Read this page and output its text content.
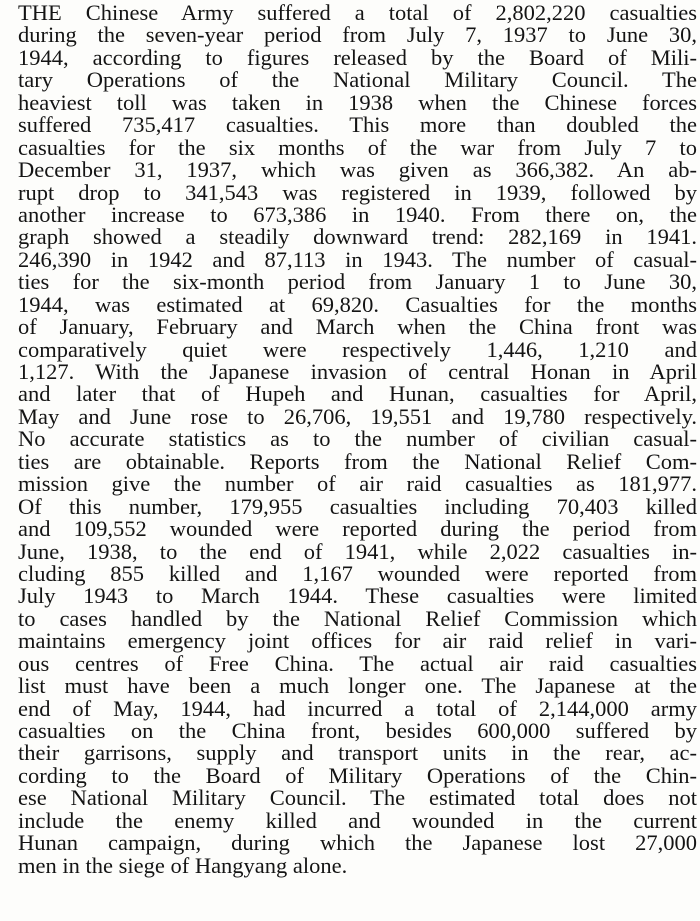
THE Chinese Army suffered a total of 2,802,220 casualties
during the seven-year period from July 7, 1937 to June 30,
1944, according to figures released by the Board of Mili-
tary Operations of the National Military Council. The
heaviest toll was taken in 1938 when the Chinese forces
suffered 735,417 casualties. This more than doubled the
casualties for the six months of the war from July 7 to
December 31, 1937, which was given as 366,382. An ab-
rupt drop to 341,543 was registered in 1939, followed by
another increase to 673,386 in 1940. From there on, the
graph showed a steadily downward trend: 282,169 in 1941.
246,390 in 1942 and 87,113 in 1943. The number of casual-
ties for the six-month period from January 1 to June 30,
1944, was estimated at 69,820. Casualties for the months
of January, February and March when the China front was
comparatively quiet were respectively 1,446, 1,210 and
1,127. With the Japanese invasion of central Honan in April
and later that of Hupeh and Hunan, casualties for April,
May and June rose to 26,706, 19,551 and 19,780 respectively.
No accurate statistics as to the number of civilian casual-
ties are obtainable. Reports from the National Relief Com-
mission give the number of air raid casualties as 181,977.
Of this number, 179,955 casualties including 70,403 killed
and 109,552 wounded were reported during the period from
June, 1938, to the end of 1941, while 2,022 casualties in-
cluding 855 killed and 1,167 wounded were reported from
July 1943 to March 1944. These casualties were limited
to cases handled by the National Relief Commission which
maintains emergency joint offices for air raid relief in vari-
ous centres of Free China. The actual air raid casualties
list must have been a much longer one. The Japanese at the
end of May, 1944, had incurred a total of 2,144,000 army
casualties on the China front, besides 600,000 suffered by
their garrisons, supply and transport units in the rear, ac-
cording to the Board of Military Operations of the Chin-
ese National Military Council. The estimated total does not
include the enemy killed and wounded in the current
Hunan campaign, during which the Japanese lost 27,000
men in the siege of Hangyang alone.
